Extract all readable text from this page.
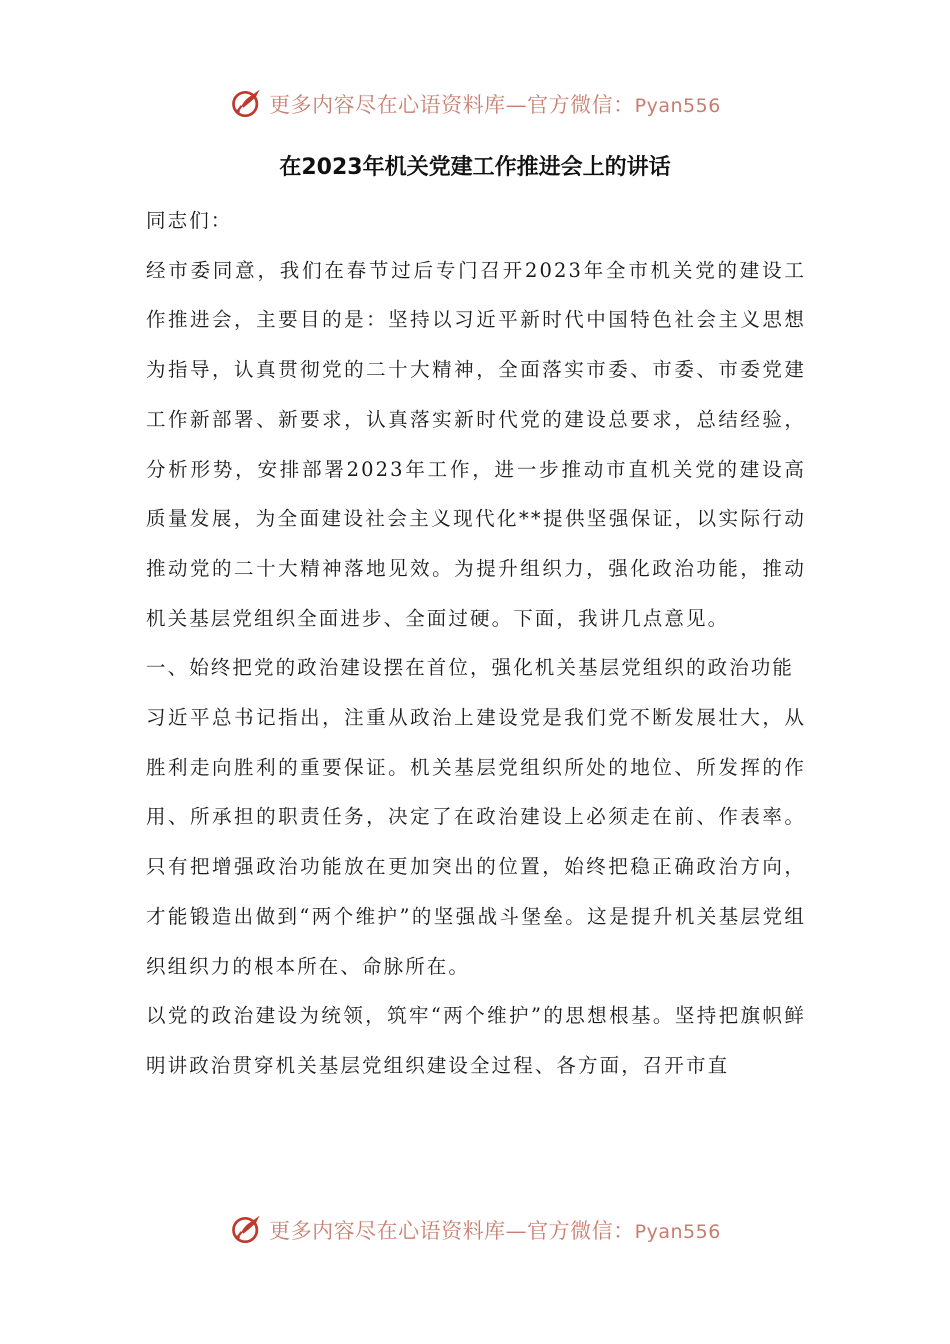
更多内容尽在心语资料库—官方微信：Pyan556
在2023年机关党建工作推进会上的讲话

同志们：

经市委同意，我们在春节过后专门召开2023年全市机关党的建设工作推进会，主要目的是：坚持以习近平新时代中国特色社会主义思想为指导，认真贯彻党的二十大精神，全面落实市委、市委、市委党建工作新部署、新要求，认真落实新时代党的建设总要求，总结经验，分析形势，安排部署2023年工作，进一步推动市直机关党的建设高质量发展，为全面建设社会主义现代化**提供坚强保证，以实际行动推动党的二十大精神落地见效。为提升组织力，强化政治功能，推动机关基层党组织全面进步、全面过硬。下面，我讲几点意见。

一、始终把党的政治建设摆在首位，强化机关基层党组织的政治功能

习近平总书记指出，注重从政治上建设党是我们党不断发展壮大，从胜利走向胜利的重要保证。机关基层党组织所处的地位、所发挥的作用、所承担的职责任务，决定了在政治建设上必须走在前、作表率。只有把增强政治功能放在更加突出的位置，始终把稳正确政治方向，才能锻造出做到“两个维护”的坚强战斗堡垒。这是提升机关基层党组织组织力的根本所在、命脉所在。

以党的政治建设为统领，筑牢“两个维护”的思想根基。坚持把旗帜鲜明讲政治贯穿机关基层党组织建设全过程、各方面，召开市直

更多内容尽在心语资料库—官方微信：Pyan556
